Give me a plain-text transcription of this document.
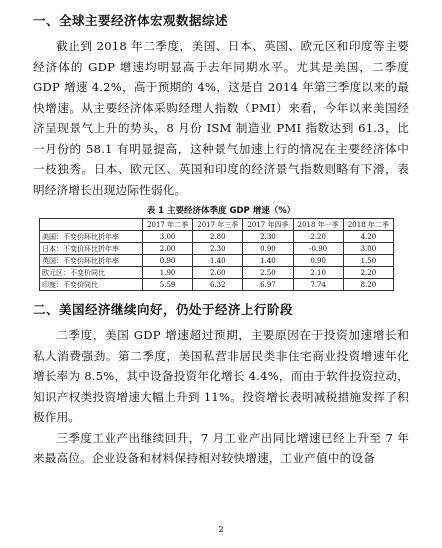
一、全球主要经济体宏观数据综述

截止到 2018 年二季度，美国、日本、英国、欧元区和印度等主要经济体的 GDP 增速均明显高于去年同期水平。尤其是美国，二季度 GDP 增速 4.2%，高于预期的 4%，这是自 2014 年第三季度以来的最快增速。从主要经济体采购经理人指数（PMI）来看，今年以来美国经济呈现景气上升的势头，8 月份 ISM 制造业 PMI 指数达到 61.3，比一月份的 58.1 有明显提高，这种景气加速上行的情况在主要经济体中一枝独秀。日本、欧元区、英国和印度的经济景气指数则略有下滑，表明经济增长出现边际性弱化。

表 1 主要经济体季度 GDP 增速（%）
	2017 年二季	2017 年三季	2017 年四季	2018 年一季	2018 年二季
美国：不变价环比折年率	3.00	2.80	2.30	2.20	4.20
日本：不变价环比折年率	2.00	2.30	0.90	-0.90	3.00
英国：不变价环比折年率	0.90	1.40	1.40	0.90	1.50
欧元区：不变价同比	1.90	2.60	2.50	2.10	2.20
印度：不变价同比	5.59	6.32	6.97	7.74	8.20
二、美国经济继续向好，仍处于经济上行阶段

二季度，美国 GDP 增速超过预期，主要原因在于投资加速增长和私人消费强劲。第二季度，美国私营非居民类非住宅商业投资增速年化增长率为 8.5%，其中设备投资年化增长 4.4%，而由于软件投资拉动，知识产权类投资增速大幅上升到 11%。投资增长表明减税措施发挥了积极作用。

三季度工业产出继续回升，7 月工业产出同比增速已经上升至 7 年来最高位。企业设备和材料保持相对较快增速，工业产值中的设备

2
